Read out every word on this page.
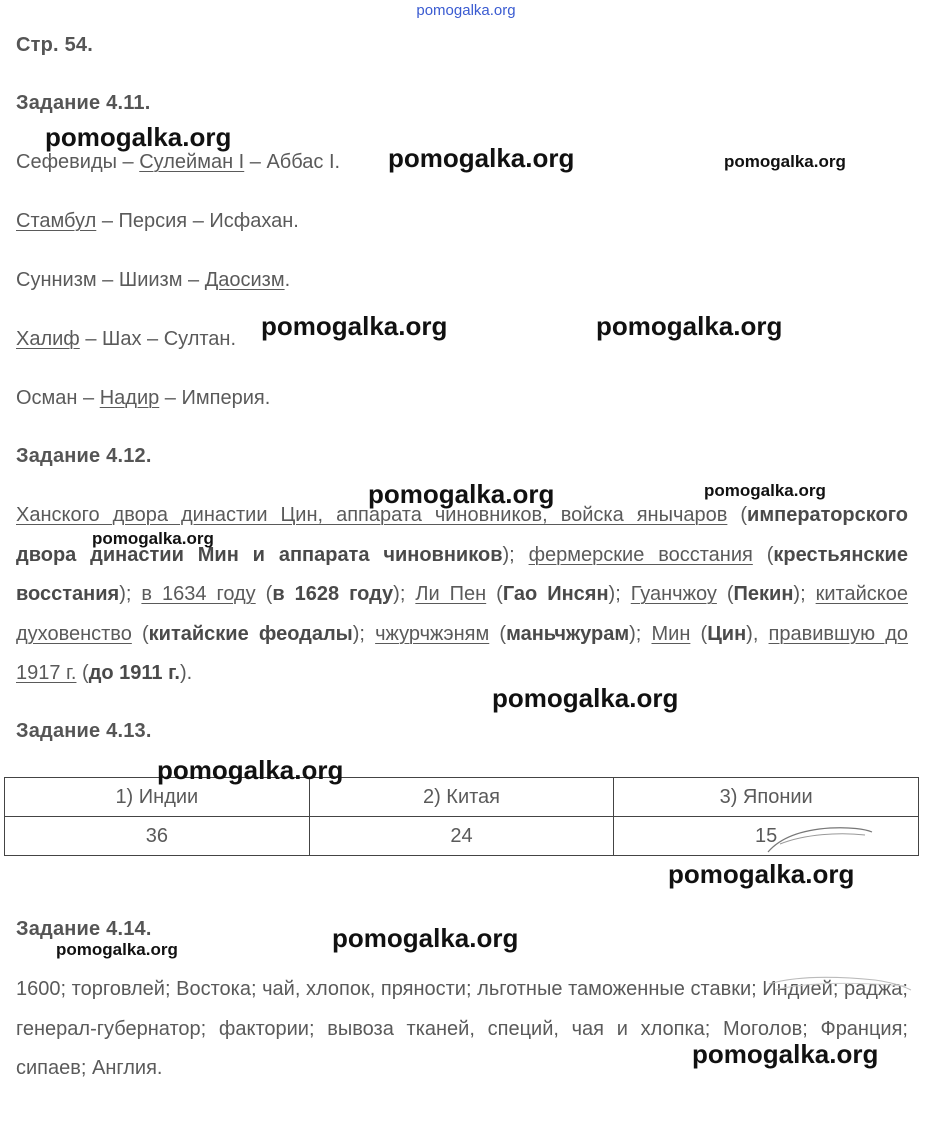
pomogalka.org
Стр. 54.
Задание 4.11.
Сефевиды – Сулейман I – Аббас I.
Стамбул – Персия – Исфахан.
Суннизм – Шиизм – Даосизм.
Халиф – Шах – Султан.
Осман – Надир – Империя.
Задание 4.12.
Ханского двора династии Цин, аппарата чиновников, войска янычаров (императорского двора династии Мин и аппарата чиновников); фермерские восстания (крестьянские восстания); в 1634 году (в 1628 году); Ли Пен (Гао Инсян); Гуанчжоу (Пекин); китайское духовенство (китайские феодалы); чжурчжэням (маньчжурам); Мин (Цин), правившую до 1917 г. (до 1911 г.).
Задание 4.13.
1) Индии	2) Китая	3) Японии
36	24	15
Задание 4.14.
1600; торговлей; Востока; чай, хлопок, пряности; льготные таможенные ставки; Индией; раджа; генерал-губернатор; фактории; вывоза тканей, специй, чая и хлопка; Моголов; Франция; сипаев; Англия.
pomogalka.org
pomogalka.org	pomogalka.org
pomogalka.org	pomogalka.org
pomogalka.org	pomogalka.org
pomogalka.org
pomogalka.org
pomogalka.org
pomogalka.org
pomogalka.org
pomogalka.org
pomogalka.org
